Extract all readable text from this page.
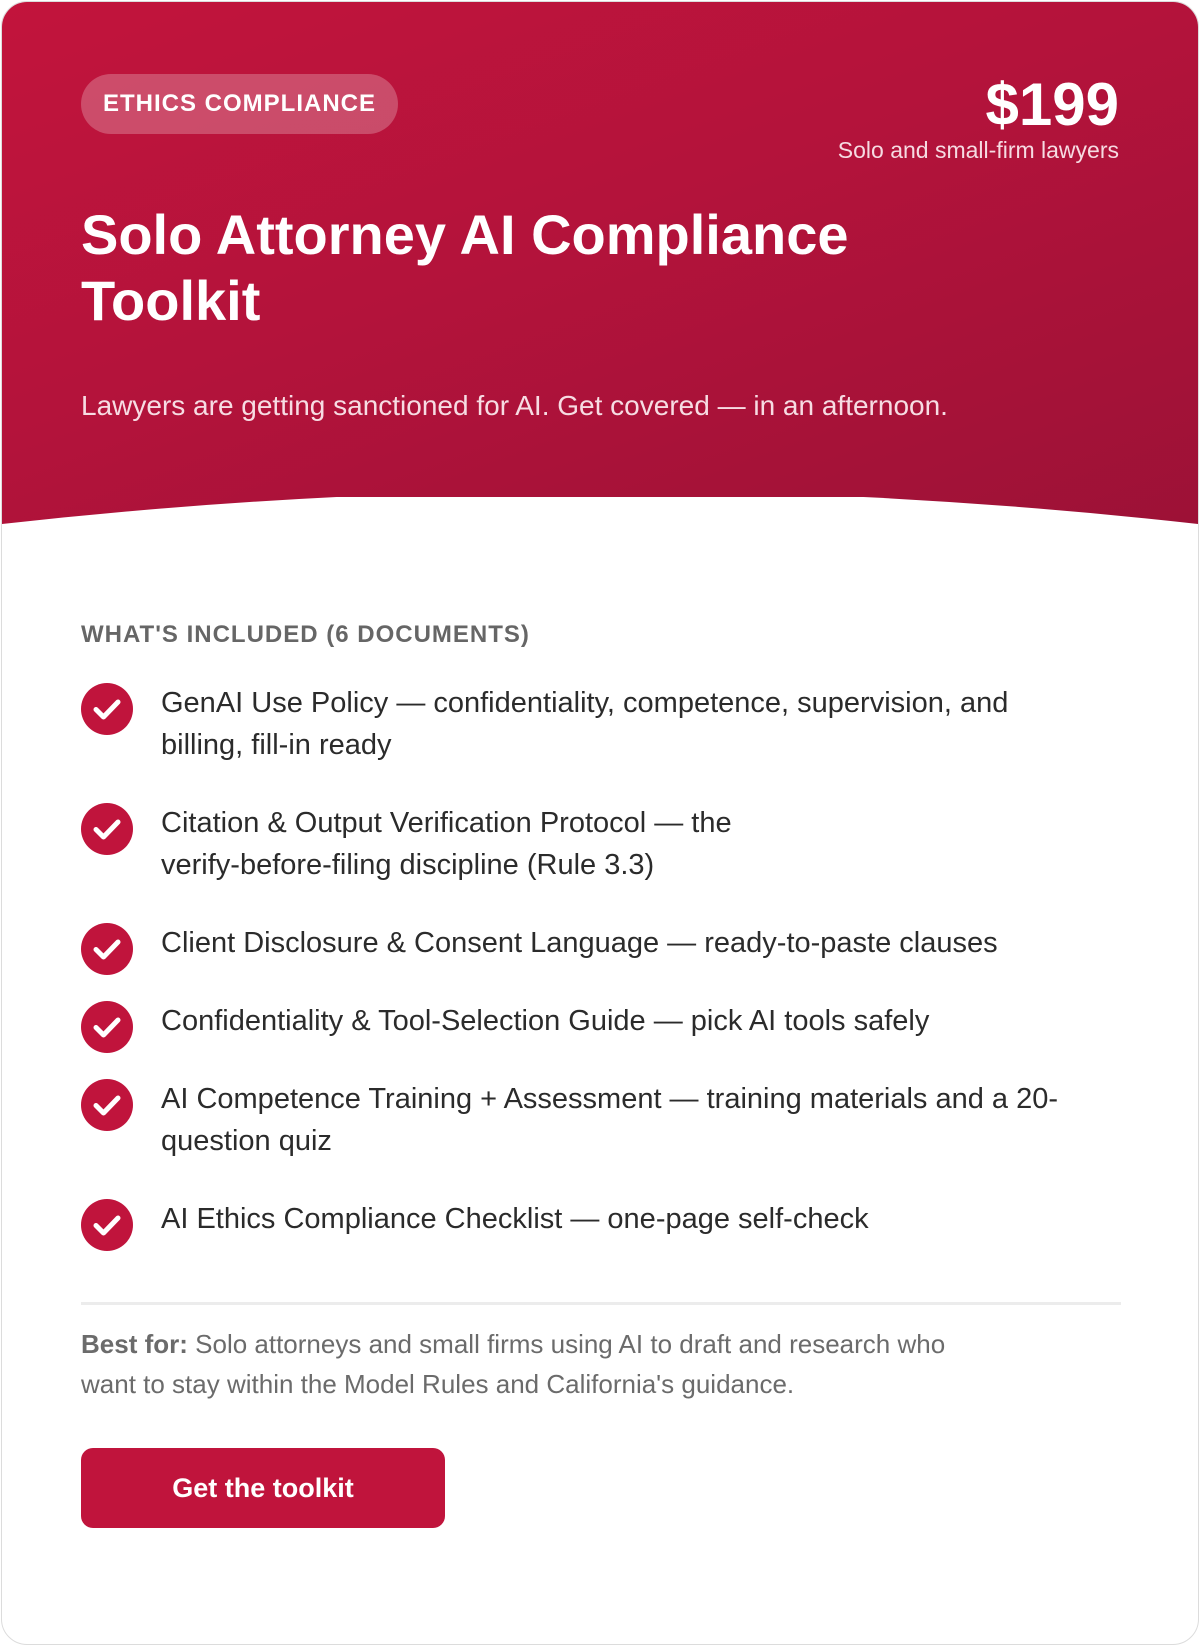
ETHICS COMPLIANCE	$199
Solo and small-firm lawyers
Solo Attorney AI Compliance Toolkit
Lawyers are getting sanctioned for AI. Get covered — in an afternoon.
WHAT'S INCLUDED (6 DOCUMENTS)
GenAI Use Policy — confidentiality, competence, supervision, and billing, fill-in ready
Citation & Output Verification Protocol — the verify-before-filing discipline (Rule 3.3)
Client Disclosure & Consent Language — ready-to-paste clauses
Confidentiality & Tool-Selection Guide — pick AI tools safely
AI Competence Training + Assessment — training materials and a 20-question quiz
AI Ethics Compliance Checklist — one-page self-check

Best for: Solo attorneys and small firms using AI to draft and research who want to stay within the Model Rules and California's guidance.

Get the toolkit
